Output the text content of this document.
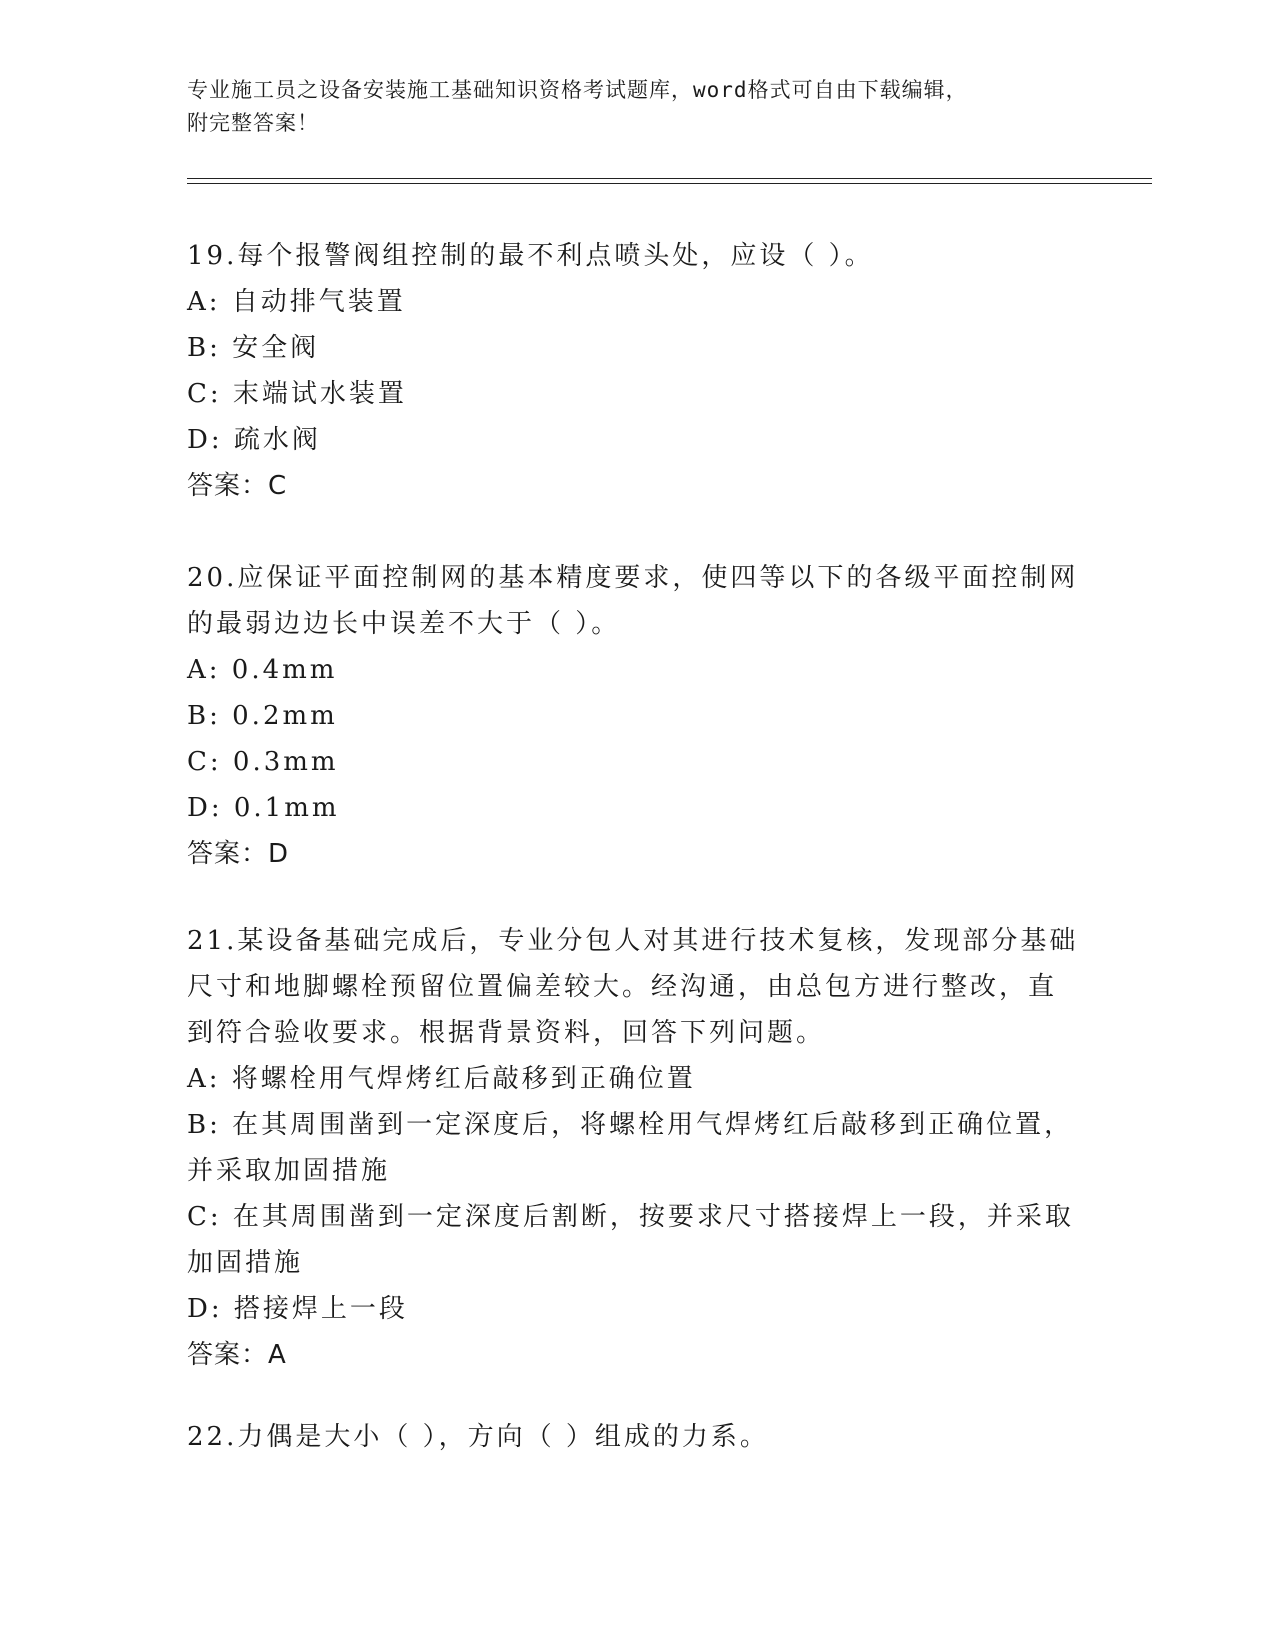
专业施工员之设备安装施工基础知识资格考试题库，word格式可自由下载编辑，
附完整答案！
19.每个报警阀组控制的最不利点喷头处，应设（ ）。
A: 自动排气装置
B: 安全阀
C: 末端试水装置
D: 疏水阀
答案：C
20.应保证平面控制网的基本精度要求，使四等以下的各级平面控制网
的最弱边边长中误差不大于（ ）。
A: 0.4mm
B: 0.2mm
C: 0.3mm
D: 0.1mm
答案：D
21.某设备基础完成后，专业分包人对其进行技术复核，发现部分基础
尺寸和地脚螺栓预留位置偏差较大。经沟通，由总包方进行整改，直
到符合验收要求。根据背景资料，回答下列问题。
A: 将螺栓用气焊烤红后敲移到正确位置
B: 在其周围凿到一定深度后，将螺栓用气焊烤红后敲移到正确位置，
并采取加固措施
C: 在其周围凿到一定深度后割断，按要求尺寸搭接焊上一段，并采取
加固措施
D: 搭接焊上一段
答案：A
22.力偶是大小（ ），方向（ ）组成的力系。
